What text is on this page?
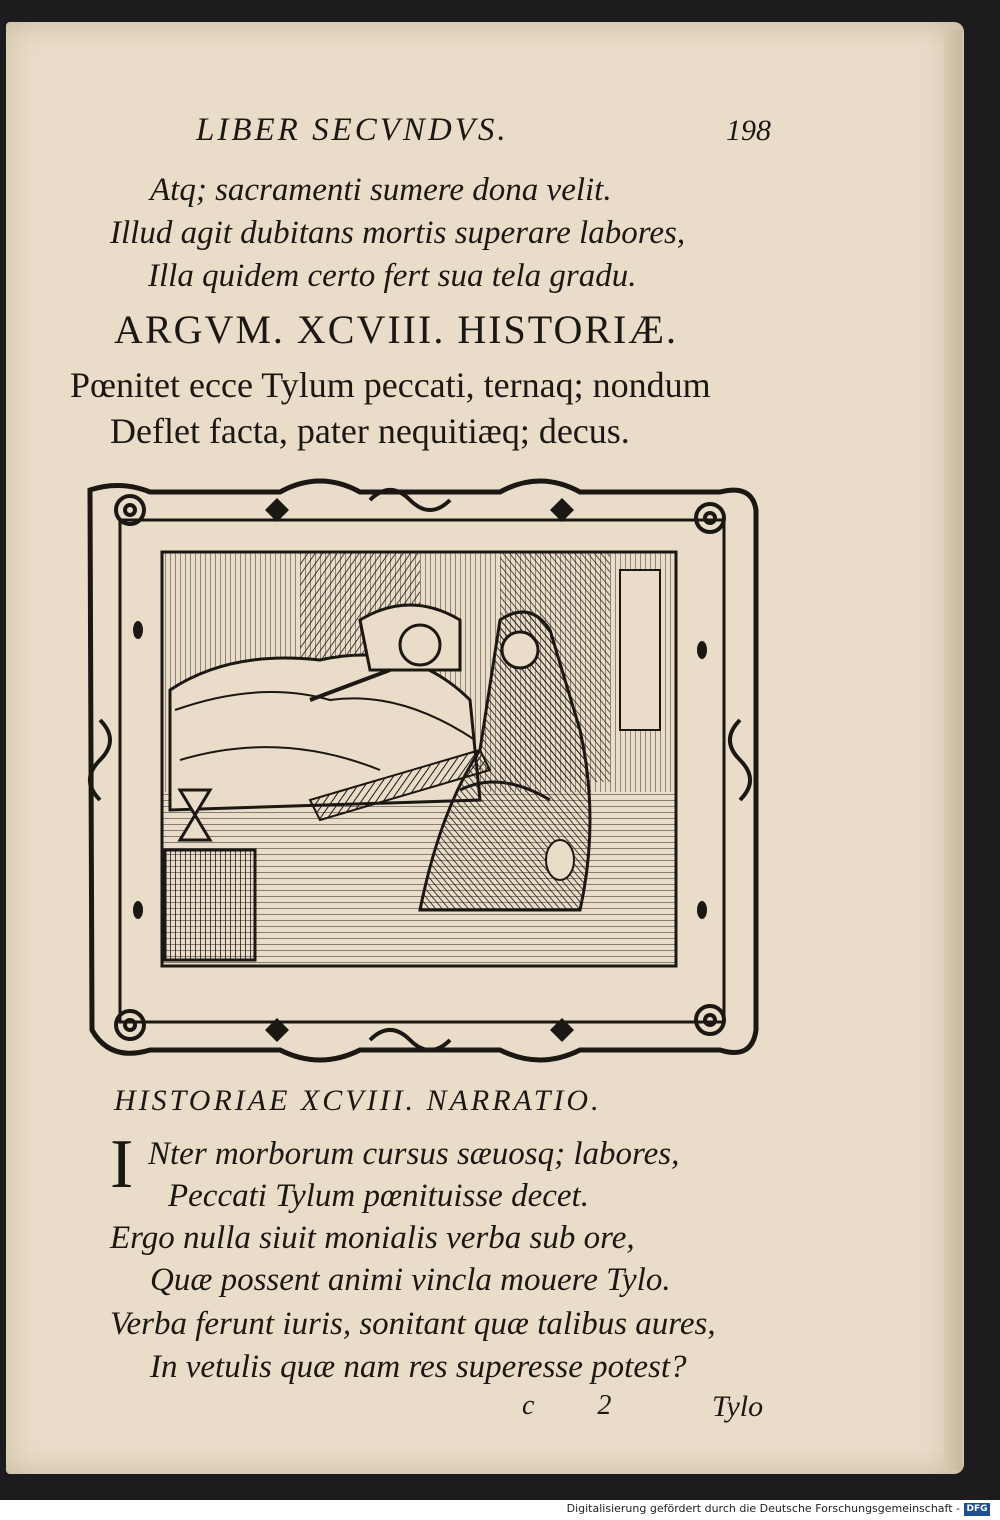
LIBER SECVNDVS.	198
Atq; sacramenti sumere dona velit.
Illud agit dubitans mortis superare labores,
Illa quidem certo fert sua tela gradu.
ARGVM. XCVIII. HISTORIÆ.
Pœnitet ecce Tylum peccati, ternaq; nondum
Deflet facta, pater nequitiæq; decus.
HISTORIAE XCVIII. NARRATIO.
I Nter morborum cursus sæuosq; labores,
Peccati Tylum pœnituisse decet.
Ergo nulla siuit monialis verba sub ore,
Quæ possent animi vincla mouere Tylo.
Verba ferunt iuris, sonitant quæ talibus aures,
In vetulis quæ nam res superesse potest?
c 2 Tylo
Digitalisierung gefördert durch die Deutsche Forschungsgemeinschaft - DFG
